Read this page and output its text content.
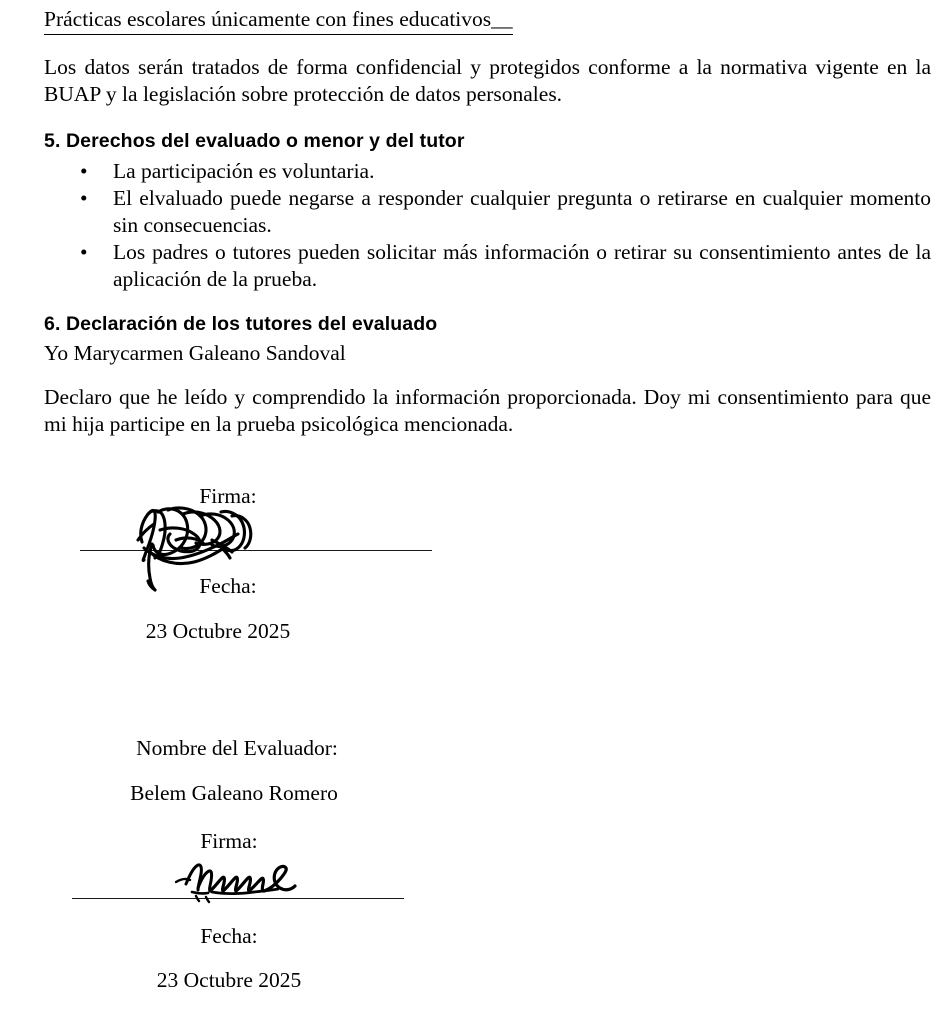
Prácticas escolares únicamente con fines educativos__
Los datos serán tratados de forma confidencial y protegidos conforme a la normativa vigente en la BUAP y la legislación sobre protección de datos personales.
5. Derechos del evaluado o menor y del tutor
• La participación es voluntaria.
• El elvaluado puede negarse a responder cualquier pregunta o retirarse en cualquier momento sin consecuencias.
• Los padres o tutores pueden solicitar más información o retirar su consentimiento antes de la aplicación de la prueba.
6. Declaración de los tutores del evaluado
Yo Marycarmen Galeano Sandoval
Declaro que he leído y comprendido la información proporcionada. Doy mi consentimiento para que mi hija participe en la prueba psicológica mencionada.
Firma:
Fecha:
23 Octubre 2025
Nombre del Evaluador:
Belem Galeano Romero
Firma:
Fecha:
23 Octubre 2025
